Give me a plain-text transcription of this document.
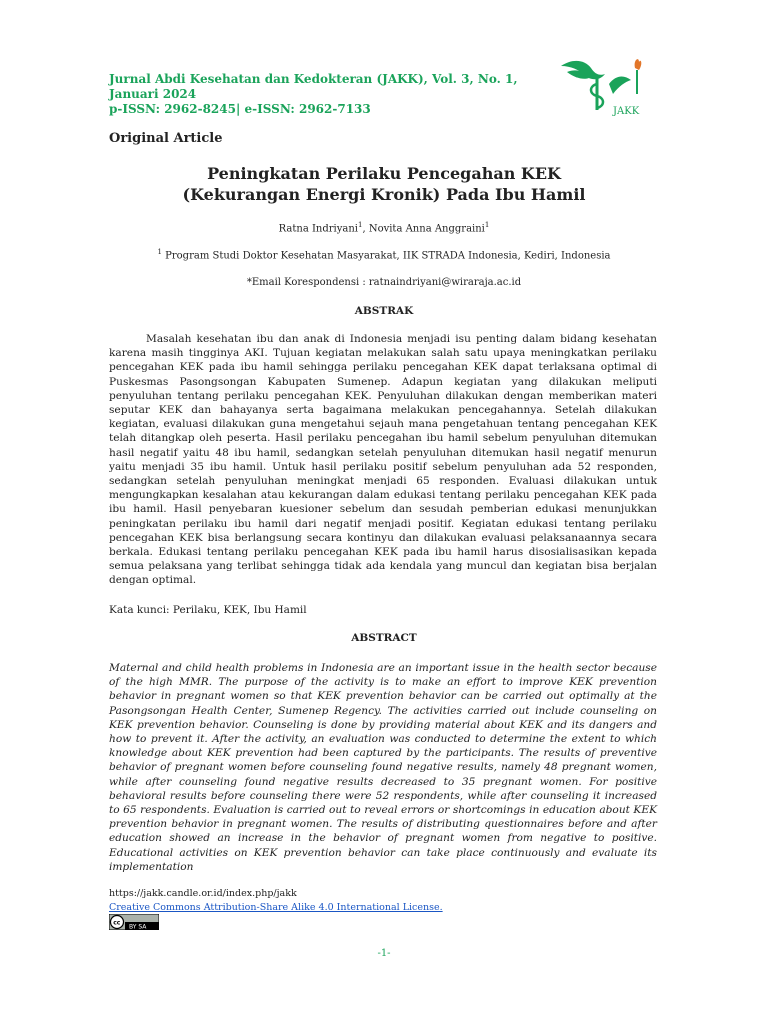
Jurnal Abdi Kesehatan dan Kedokteran (JAKK), Vol. 3, No. 1, Januari 2024
p-ISSN: 2962-8245| e-ISSN: 2962-7133	JAKK
Original Article
Peningkatan Perilaku Pencegahan KEK
(Kekurangan Energi Kronik) Pada Ibu Hamil
Ratna Indriyani$^1$, Novita Anna Anggraini$^1$
$^1$ Program Studi Doktor Kesehatan Masyarakat, IIK STRADA Indonesia, Kediri, Indonesia
*Email Korespondensi : ratnaindriyani@wiraraja.ac.id
ABSTRAK

Masalah kesehatan ibu dan anak di Indonesia menjadi isu penting dalam bidang kesehatan karena masih tingginya AKI. Tujuan kegiatan melakukan salah satu upaya meningkatkan perilaku pencegahan KEK pada ibu hamil sehingga perilaku pencegahan KEK dapat terlaksana optimal di Puskesmas Pasongsongan Kabupaten Sumenep. Adapun kegiatan yang dilakukan meliputi penyuluhan tentang perilaku pencegahan KEK. Penyuluhan dilakukan dengan memberikan materi seputar KEK dan bahayanya serta bagaimana melakukan pencegahannya. Setelah dilakukan kegiatan, evaluasi dilakukan guna mengetahui sejauh mana pengetahuan tentang pencegahan KEK telah ditangkap oleh peserta. Hasil perilaku pencegahan ibu hamil sebelum penyuluhan ditemukan hasil negatif yaitu 48 ibu hamil, sedangkan setelah penyuluhan ditemukan hasil negatif menurun yaitu menjadi 35 ibu hamil. Untuk hasil perilaku positif sebelum penyuluhan ada 52 responden, sedangkan setelah penyuluhan meningkat menjadi 65 responden. Evaluasi dilakukan untuk mengungkapkan kesalahan atau kekurangan dalam edukasi tentang perilaku pencegahan KEK pada ibu hamil. Hasil penyebaran kuesioner sebelum dan sesudah pemberian edukasi menunjukkan peningkatan perilaku ibu hamil dari negatif menjadi positif. Kegiatan edukasi tentang perilaku pencegahan KEK bisa berlangsung secara kontinyu dan dilakukan evaluasi pelaksanaannya secara berkala. Edukasi tentang perilaku pencegahan KEK pada ibu hamil harus disosialisasikan kepada semua pelaksana yang terlibat sehingga tidak ada kendala yang muncul dan kegiatan bisa berjalan dengan optimal.

Kata kunci: Perilaku, KEK, Ibu Hamil
ABSTRACT

Maternal and child health problems in Indonesia are an important issue in the health sector because of the high MMR. The purpose of the activity is to make an effort to improve KEK prevention behavior in pregnant women so that KEK prevention behavior can be carried out optimally at the Pasongsongan Health Center, Sumenep Regency. The activities carried out include counseling on KEK prevention behavior. Counseling is done by providing material about KEK and its dangers and how to prevent it. After the activity, an evaluation was conducted to determine the extent to which knowledge about KEK prevention had been captured by the participants. The results of preventive behavior of pregnant women before counseling found negative results, namely 48 pregnant women, while after counseling found negative results decreased to 35 pregnant women. For positive behavioral results before counseling there were 52 respondents, while after counseling it increased to 65 respondents. Evaluation is carried out to reveal errors or shortcomings in education about KEK prevention behavior in pregnant women. The results of distributing questionnaires before and after education showed an increase in the behavior of pregnant women from negative to positive. Educational activities on KEK prevention behavior can take place continuously and evaluate its implementation

https://jakk.candle.or.id/index.php/jakk
Creative Commons Attribution-Share Alike 4.0 International License.
cc
BY SA
-1-
